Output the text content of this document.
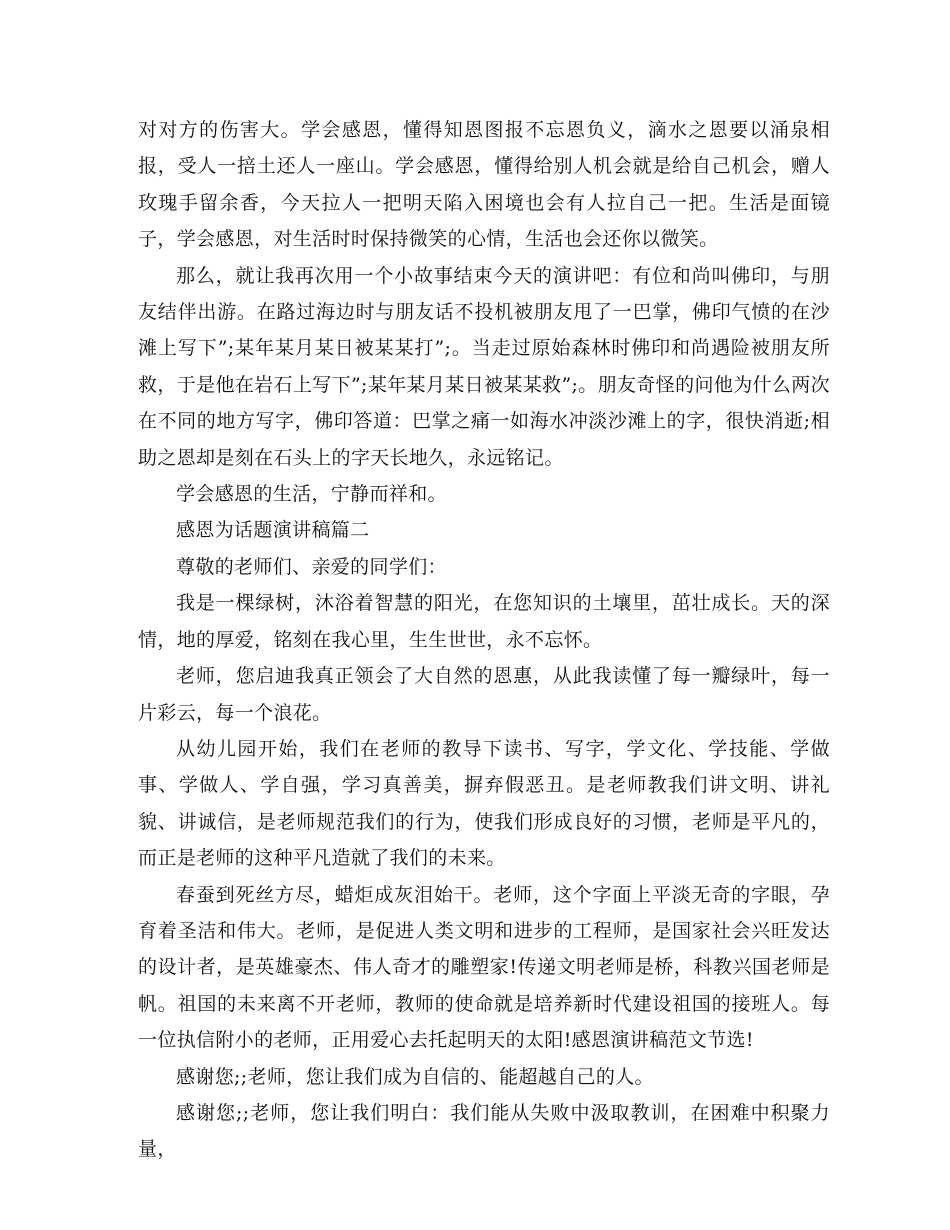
对对方的伤害大。学会感恩，懂得知恩图报不忘恩负义，滴水之恩要以涌泉相报，受人一掊土还人一座山。学会感恩，懂得给别人机会就是给自己机会，赠人玫瑰手留余香，今天拉人一把明天陷入困境也会有人拉自己一把。生活是面镜子，学会感恩，对生活时时保持微笑的心情，生活也会还你以微笑。

那么，就让我再次用一个小故事结束今天的演讲吧：有位和尚叫佛印，与朋友结伴出游。在路过海边时与朋友话不投机被朋友甩了一巴掌，佛印气愤的在沙滩上写下”;某年某月某日被某某打”;。当走过原始森林时佛印和尚遇险被朋友所救，于是他在岩石上写下”;某年某月某日被某某救”;。朋友奇怪的问他为什么两次在不同的地方写字，佛印答道：巴掌之痛一如海水冲淡沙滩上的字，很快消逝;相助之恩却是刻在石头上的字天长地久，永远铭记。

学会感恩的生活，宁静而祥和。

感恩为话题演讲稿篇二

尊敬的老师们、亲爱的同学们：

我是一棵绿树，沐浴着智慧的阳光，在您知识的土壤里，茁壮成长。天的深情，地的厚爱，铭刻在我心里，生生世世，永不忘怀。

老师，您启迪我真正领会了大自然的恩惠，从此我读懂了每一瓣绿叶，每一片彩云，每一个浪花。

从幼儿园开始，我们在老师的教导下读书、写字，学文化、学技能、学做事、学做人、学自强，学习真善美，摒弃假恶丑。是老师教我们讲文明、讲礼貌、讲诚信，是老师规范我们的行为，使我们形成良好的习惯，老师是平凡的，而正是老师的这种平凡造就了我们的未来。

春蚕到死丝方尽，蜡炬成灰泪始干。老师，这个字面上平淡无奇的字眼，孕育着圣洁和伟大。老师，是促进人类文明和进步的工程师，是国家社会兴旺发达的设计者，是英雄豪杰、伟人奇才的雕塑家!传递文明老师是桥，科教兴国老师是帆。祖国的未来离不开老师，教师的使命就是培养新时代建设祖国的接班人。每一位执信附小的老师，正用爱心去托起明天的太阳!感恩演讲稿范文节选!

感谢您;;老师，您让我们成为自信的、能超越自己的人。

感谢您;;老师，您让我们明白：我们能从失败中汲取教训，在困难中积聚力量，
